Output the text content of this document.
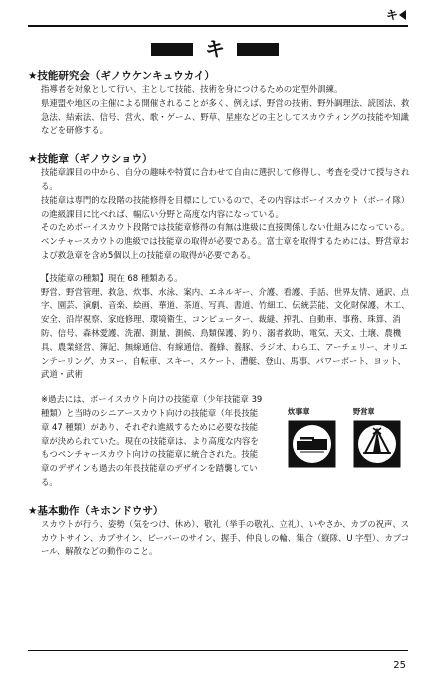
キ
キ

★技能研究会（ギノウケンキュウカイ）

指導者を対象として行い、主として技能、技術を身につけるための定型外訓練。

県連盟や地区の主催による開催されることが多く、例えば、野営の技術、野外調理法、読図法、救急法、結索法、信号、営火、歌・ゲーム、野草、星座などの主としてスカウティングの技能や知識などを研修する。

★技能章（ギノウショウ）

技能章課目の中から、自分の趣味や特質に合わせて自由に選択して修得し、考査を受けて授与される。

技能章は専門的な段階の技能修得を目標にしているので、その内容はボーイスカウト（ボーイ隊）の進級課目に比べれば、幅広い分野と高度な内容になっている。

そのためボーイスカウト段階では技能章修得の有無は進級に直接関係しない仕組みになっている。ベンチャースカウトの進級では技能章の取得が必要である。富士章を取得するためには、野営章および救急章を含め5個以上の技能章の取得が必要である。

【技能章の種類】現在 68 種類ある。

野営、野営管理、救急、炊事、水泳、案内、エネルギー、介護、看護、手話、世界友情、通訳、点字、園芸、演劇、音楽、絵画、華道、茶道、写真、書道、竹細工、伝統芸能、文化財保護、木工、安全、沿岸視察、家庭修理、環境衛生、コンピューター、裁縫、搾乳、自動車、事務、珠算、消防、信号、森林愛護、洗濯、測量、測候、鳥類保護、釣り、溺者救助、電気、天文、土壌、農機具、農業経営、簿記、無線通信、有線通信、養蜂、養豚、ラジオ、わら工、アーチェリー、オリエンテーリング、カヌー、自転車、スキー、スケート、漕艇、登山、馬事、パワーボート、ヨット、武道・武術

※過去には、ボーイスカウト向けの技能章（少年技能章 39 種類）と当時のシニアースカウト向けの技能章（年長技能章 47 種類）があり、それぞれ進級するために必要な技能章が決められていた。現在の技能章は、より高度な内容をもつベンチャースカウト向けの技能章に統合された。技能章のデザインも過去の年長技能章のデザインを踏襲している。

炊事章	野営章

★基本動作（キホンドウサ）

スカウトが行う、姿勢（気をつけ、休め）、敬礼（挙手の敬礼、立礼）、いやさか、カブの祝声、スカウトサイン、カブサイン、ビーバーのサイン、握手、仲良しの輪、集合（縦隊、U 字型）、カブコール、解散などの動作のこと。

25
